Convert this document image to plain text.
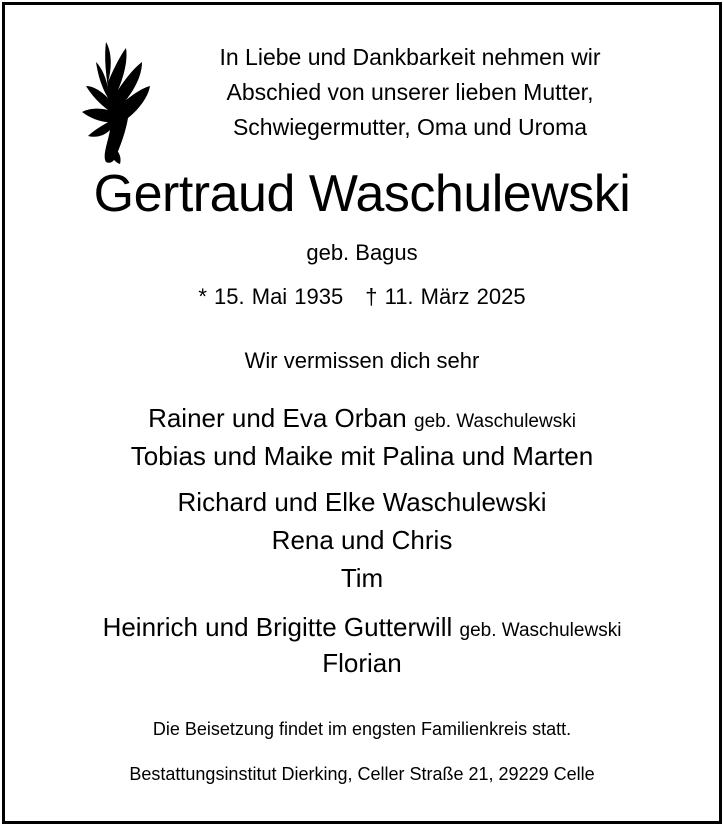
In Liebe und Dankbarkeit nehmen wir
Abschied von unserer lieben Mutter,
Schwiegermutter, Oma und Uroma
Gertraud Waschulewski
geb. Bagus
* 15. Mai 1935 † 11. März 2025
Wir vermissen dich sehr
Rainer und Eva Orban geb. Waschulewski
Tobias und Maike mit Palina und Marten
Richard und Elke Waschulewski
Rena und Chris
Tim
Heinrich und Brigitte Gutterwill geb. Waschulewski
Florian
Die Beisetzung findet im engsten Familienkreis statt.
Bestattungsinstitut Dierking, Celler Straße 21, 29229 Celle
